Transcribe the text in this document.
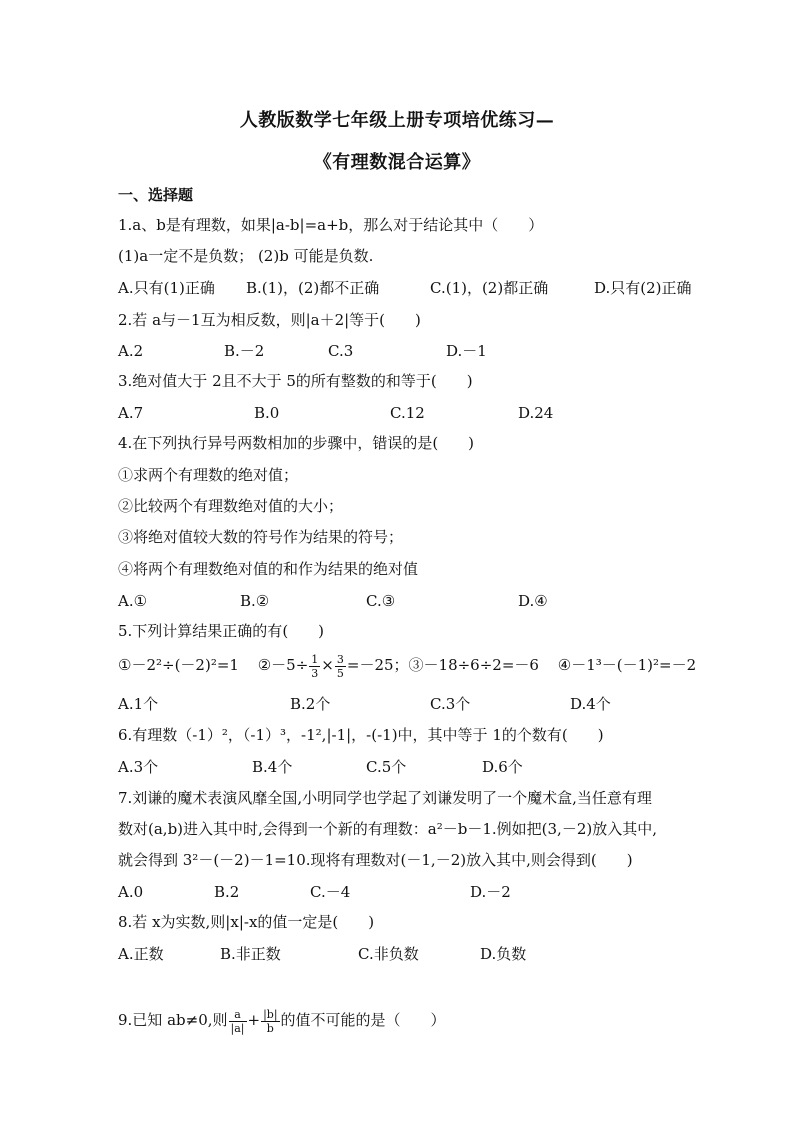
人教版数学七年级上册专项培优练习—
《有理数混合运算》
一、选择题
1.a、b是有理数，如果|a-b|=a+b，那么对于结论其中（　　）
(1)a一定不是负数； (2)b 可能是负数.
A.只有(1)正确 B.(1)，(2)都不正确	C.(1)，(2)都正确	D.只有(2)正确
2.若 a与－1互为相反数，则|a＋2|等于(　　)
A.2	B.－2	C.3	D.－1
3.绝对值大于 2且不大于 5的所有整数的和等于(　　)
A.7	B.0	C.12	D.24
4.在下列执行异号两数相加的步骤中，错误的是(　　)
①求两个有理数的绝对值；
②比较两个有理数绝对值的大小；
③将绝对值较大数的符号作为结果的符号；
④将两个有理数绝对值的和作为结果的绝对值
A.①	B.②	C.③	D.④
5.下列计算结果正确的有(　　)
①－2²÷(－2)²=1 ②－5÷ $\frac{1}{3} \times \frac{3}{5} =-25$；③－18÷6÷2=－6 ④－1³－(－1)²=－2
A.1个	B.2个	C.3个	D.4个
6.有理数（-1）²，（-1）³，-1²,|-1|，-(-1)中，其中等于 1的个数有(　　)
A.3个	B.4个	C.5个	D.6个
7.刘谦的魔术表演风靡全国,小明同学也学起了刘谦发明了一个魔术盒,当任意有理
数对(a,b)进入其中时,会得到一个新的有理数：a²－b－1.例如把(3,－2)放入其中,
就会得到 3²－(－2)－1=10.现将有理数对(－1,－2)放入其中,则会得到(　　)
A.0	B.2	C.－4	D.－2
8.若 x为实数,则|x|-x的值一定是(　　)
A.正数	B.非正数	C.非负数	D.负数
9.已知 ab≠0,则 $\frac{a}{|a|} + \frac{|b|}{b}$ 的值不可能的是（　　）
